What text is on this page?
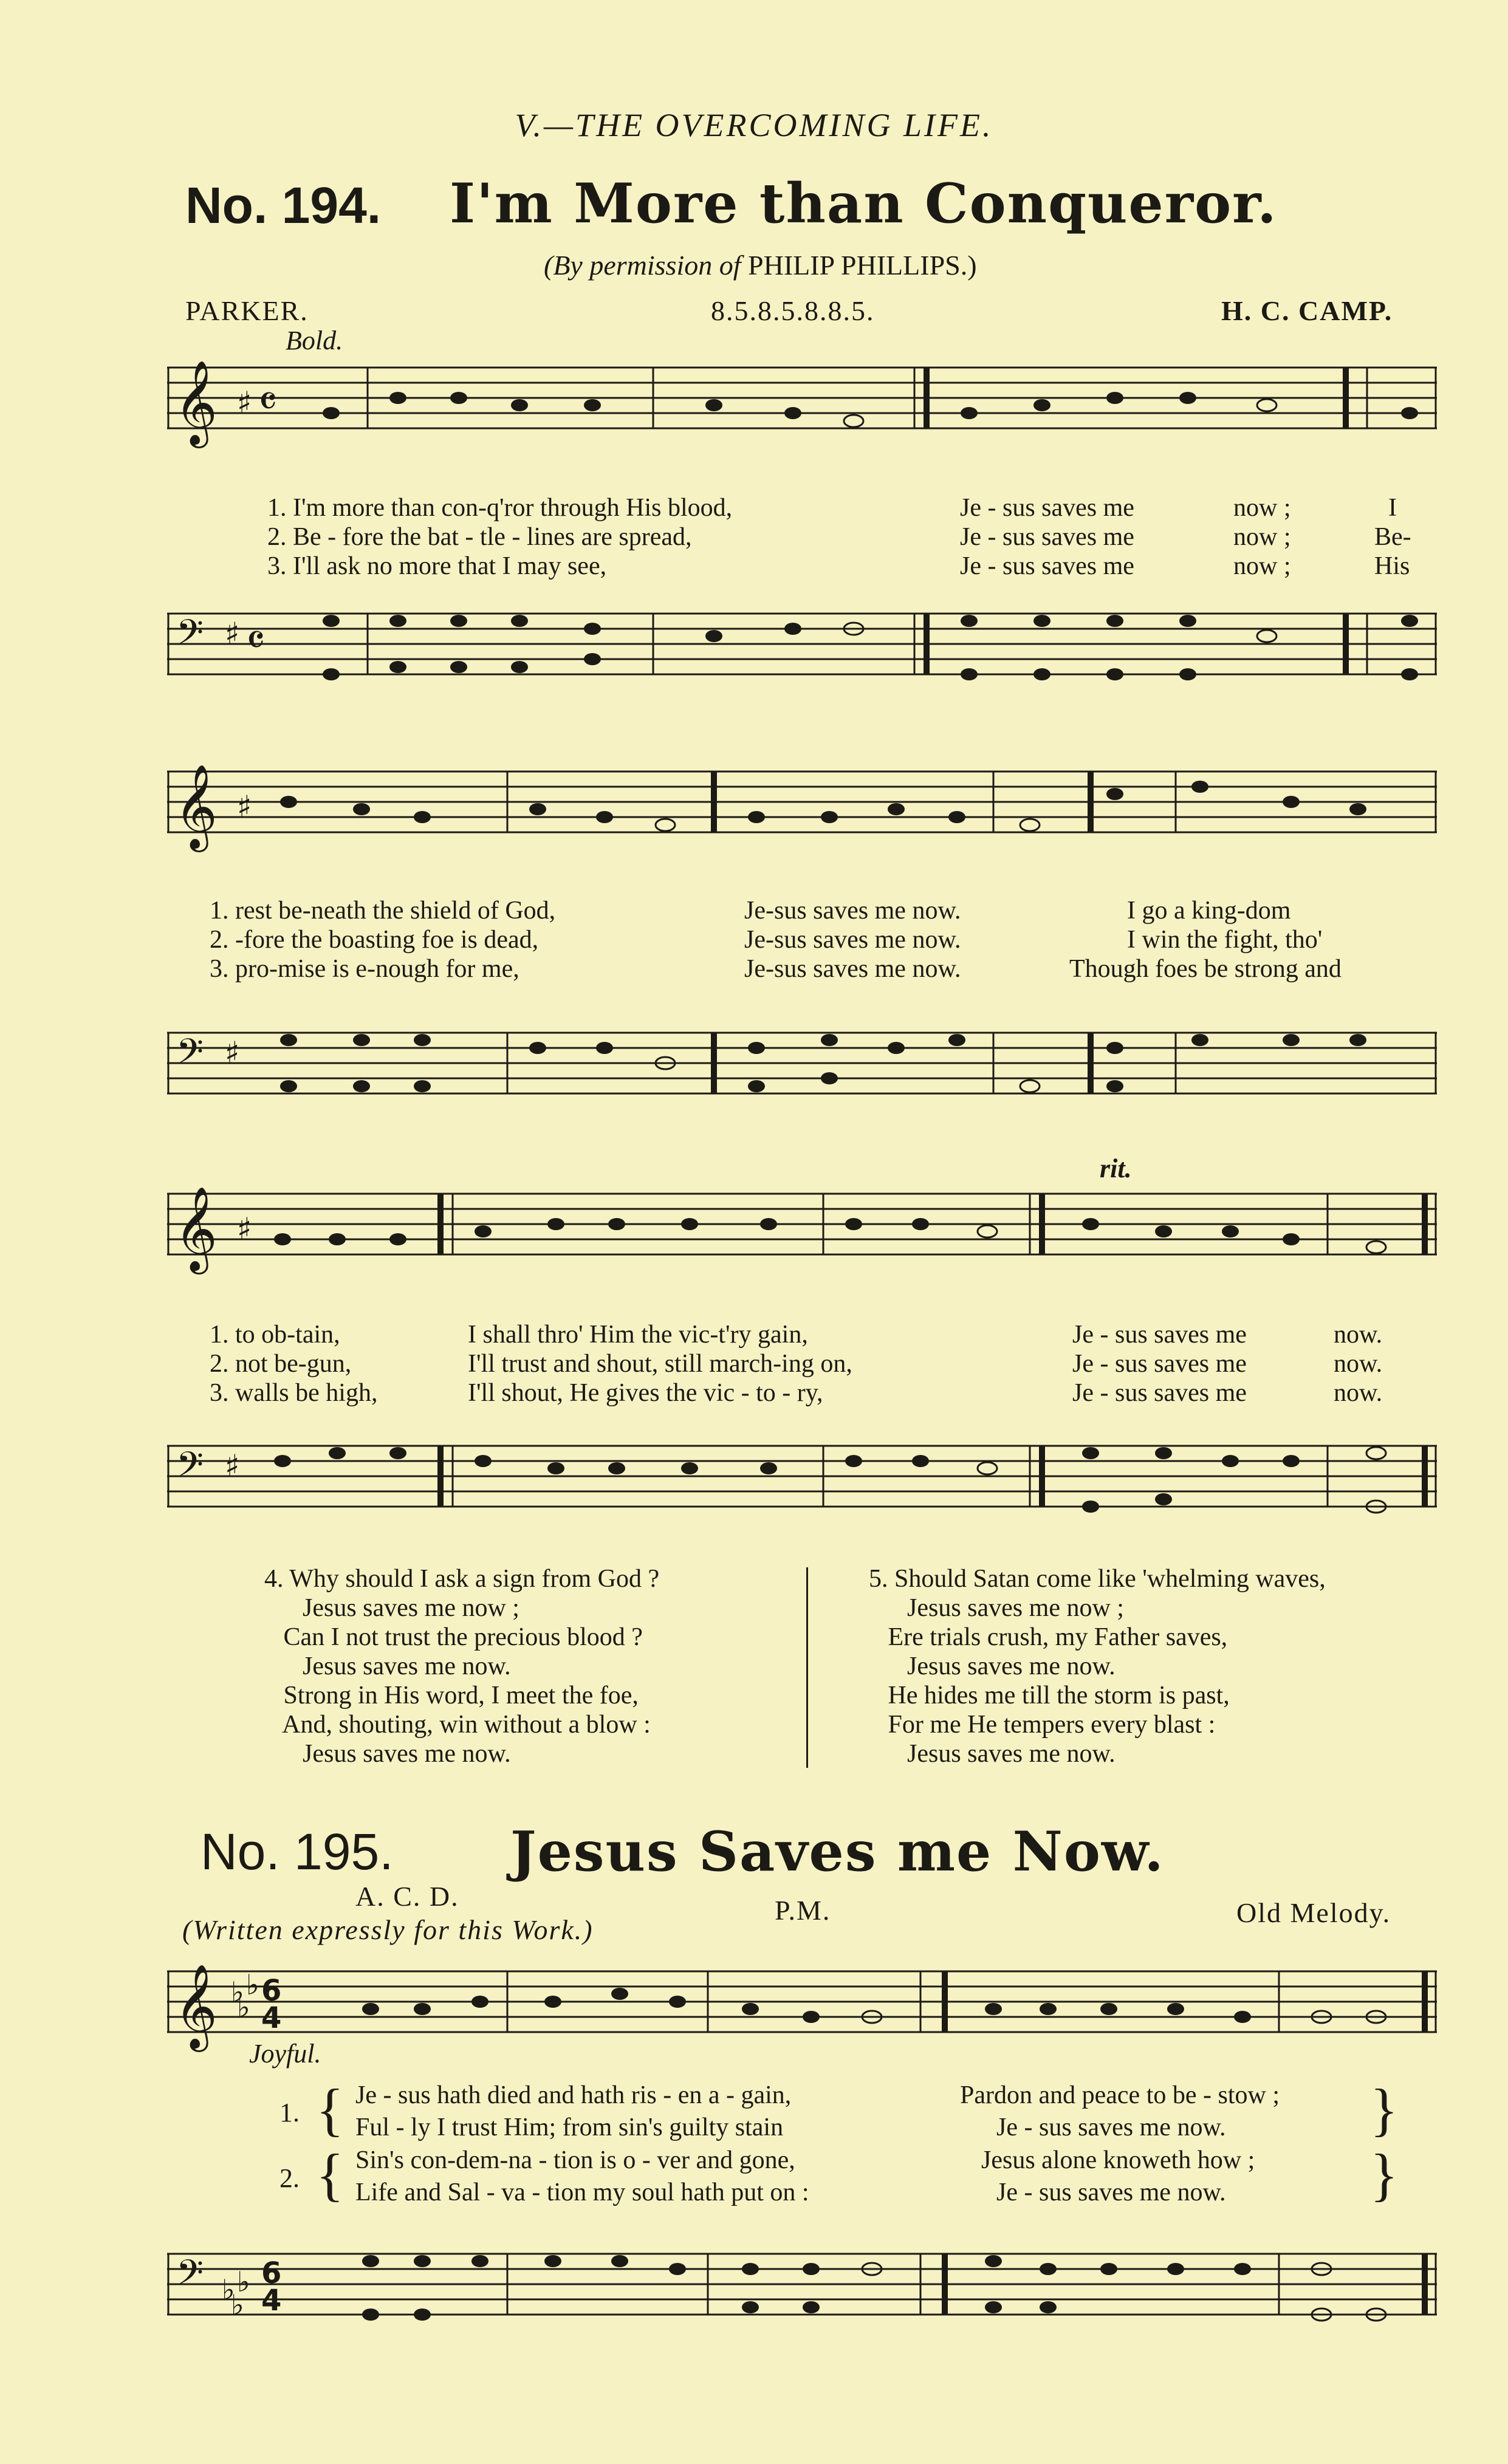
V.—THE OVERCOMING LIFE.
No. 194. I'm More than Conqueror.
(By permission of PHILIP PHILLIPS.)
PARKER.	8.5.8.5.8.8.5.	H. C. CAMP.
Bold.
𝄞 ♯ 𝄴
1. I'm more than con-q'ror through His blood,	Je - sus saves me	now ;	I
2. Be - fore the bat - tle - lines are spread,	Je - sus saves me	now ;	Be-
3. I'll ask no more that I may see,	Je - sus saves me	now ;	His
𝄢 ♯ 𝄴
𝄞 ♯
1. rest be-neath the shield of God,	Je-sus saves me now.	I go a king-dom
2. -fore the boasting foe is dead,	Je-sus saves me now.	I win the fight, tho'
3. pro-mise is e-nough for me,	Je-sus saves me now.	Though foes be strong and
𝄢 ♯
rit.
𝄞 ♯
1. to ob-tain,	I shall thro' Him the vic-t'ry gain,	Je - sus saves me	now.
2. not be-gun,	I'll trust and shout, still march-ing on,	Je - sus saves me	now.
3. walls be high,	I'll shout, He gives the vic - to - ry,	Je - sus saves me	now.
𝄢 ♯
4. Why should I ask a sign from God ?
Jesus saves me now ;
Can I not trust the precious blood ?
Jesus saves me now.
Strong in His word, I meet the foe,
And, shouting, win without a blow :
Jesus saves me now.
5. Should Satan come like 'whelming waves,
Jesus saves me now ;
Ere trials crush, my Father saves,
Jesus saves me now.
He hides me till the storm is past,
For me He tempers every blast :
Jesus saves me now.
No. 195. Jesus Saves me Now.
A. C. D.
(Written expressly for this Work.)
P.M.	Old Melody.
𝄞 ♭ ♭
♭ 6
4
Joyful.
1. { Je - sus hath died and hath ris - en a - gain,	Pardon and peace to be - stow ;
Ful - ly I trust Him; from sin's guilty stain	Je - sus saves me now. }
2. { Sin's con-dem-na - tion is o - ver and gone,	Jesus alone knoweth how ;
Life and Sal - va - tion my soul hath put on :	Je - sus saves me now. }
𝄢 ♭ ♭
♭
6
4
